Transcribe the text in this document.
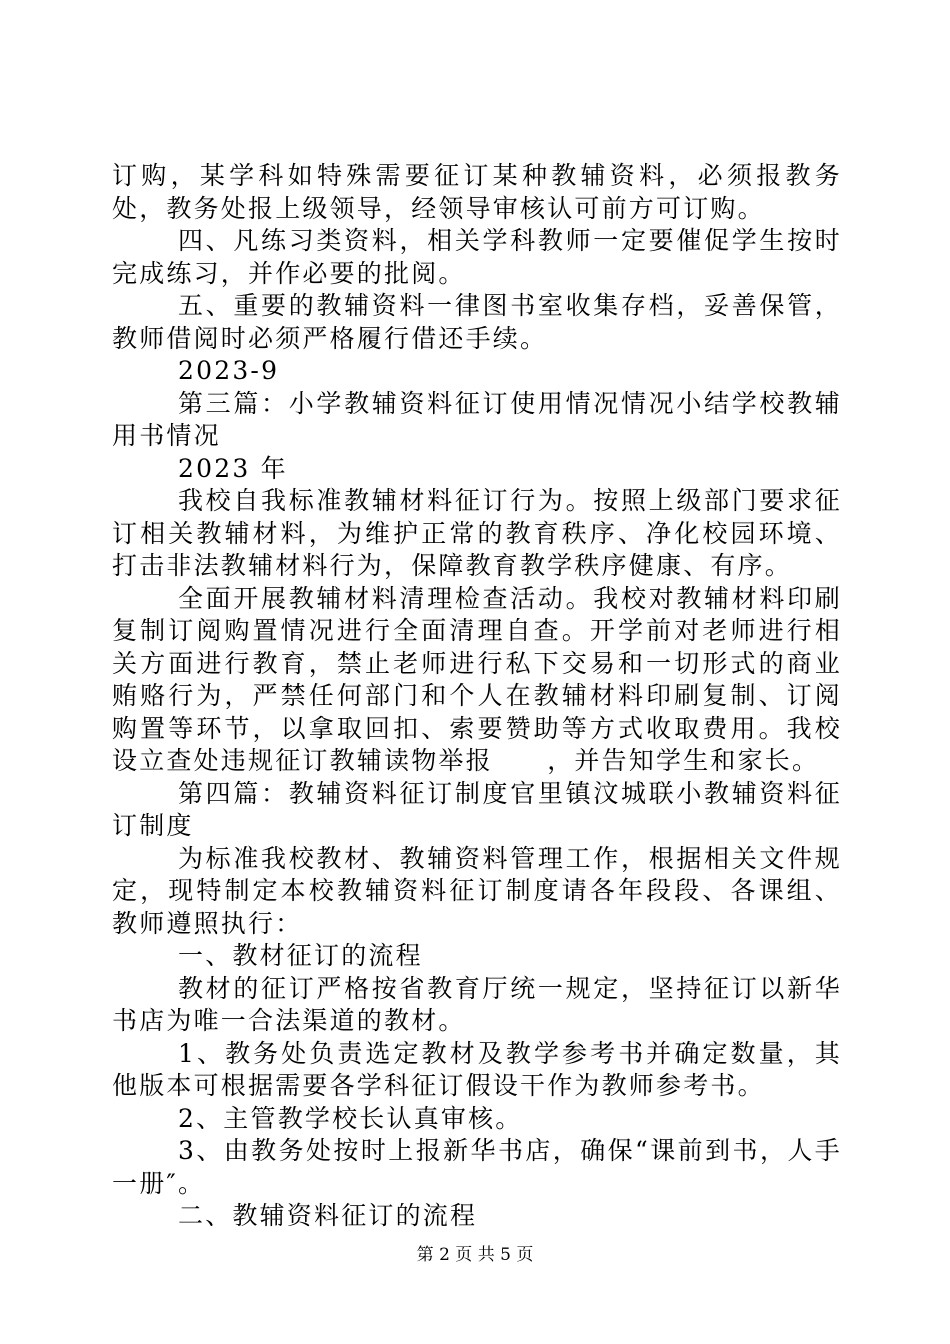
订购，某学科如特殊需要征订某种教辅资料，必须报教务处，教务处报上级领导，经领导审核认可前方可订购。

四、凡练习类资料，相关学科教师一定要催促学生按时完成练习，并作必要的批阅。

五、重要的教辅资料一律图书室收集存档，妥善保管，教师借阅时必须严格履行借还手续。

2023-9

第三篇：小学教辅资料征订使用情况情况小结学校教辅用书情况

2023 年

我校自我标准教辅材料征订行为。按照上级部门要求征订相关教辅材料，为维护正常的教育秩序、净化校园环境、打击非法教辅材料行为，保障教育教学秩序健康、有序。

全面开展教辅材料清理检查活动。我校对教辅材料印刷复制订阅购置情况进行全面清理自查。开学前对老师进行相关方面进行教育，禁止老师进行私下交易和一切形式的商业贿赂行为，严禁任何部门和个人在教辅材料印刷复制、订阅购置等环节，以拿取回扣、索要赞助等方式收取费用。我校设立查处违规征订教辅读物举报　　，并告知学生和家长。

第四篇：教辅资料征订制度官里镇汶城联小教辅资料征订制度

为标准我校教材、教辅资料管理工作，根据相关文件规定，现特制定本校教辅资料征订制度请各年段段、各课组、教师遵照执行：

一、教材征订的流程

教材的征订严格按省教育厅统一规定，坚持征订以新华书店为唯一合法渠道的教材。

1、教务处负责选定教材及教学参考书并确定数量，其他版本可根据需要各学科征订假设干作为教师参考书。

2、主管教学校长认真审核。

3、由教务处按时上报新华书店，确保“课前到书，人手一册″。

二、教辅资料征订的流程

第 2 页 共 5 页
